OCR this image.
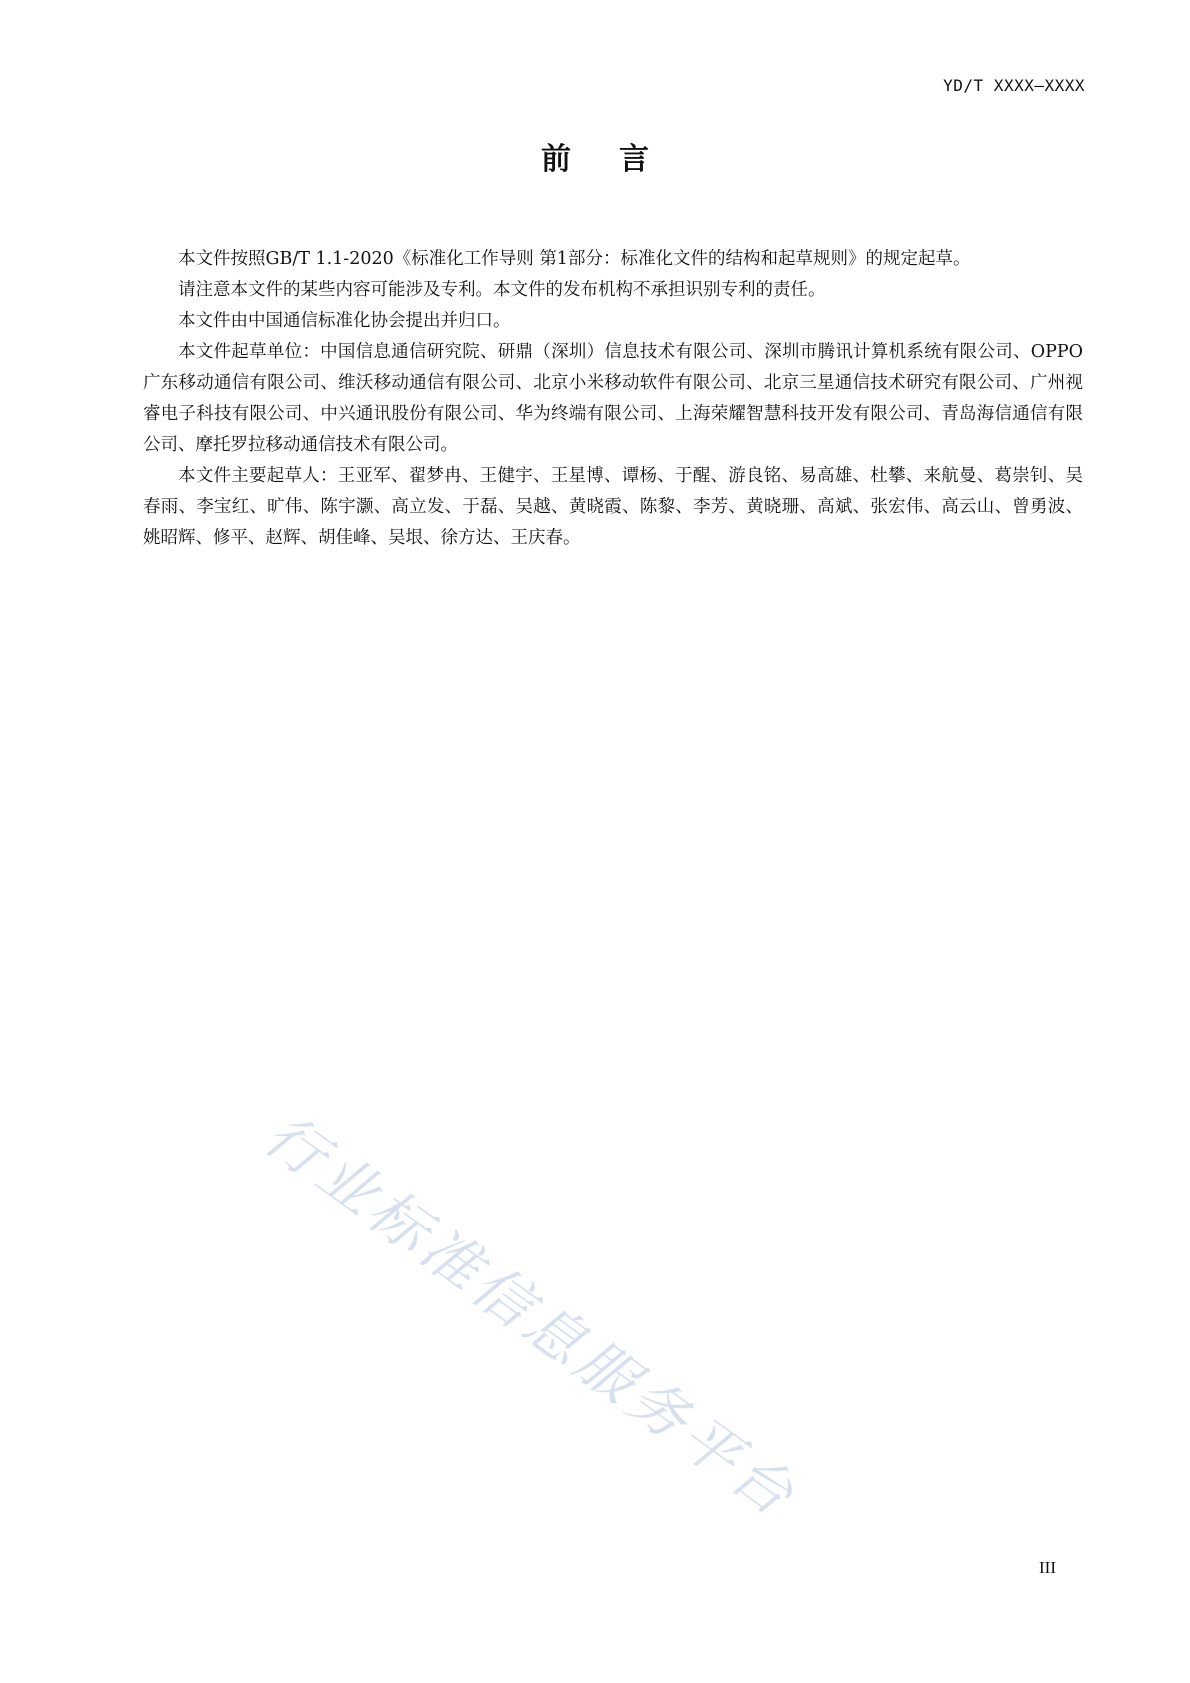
YD/T XXXX—XXXX
前言

本文件按照GB/T 1.1-2020《标准化工作导则 第1部分：标准化文件的结构和起草规则》的规定起草。

请注意本文件的某些内容可能涉及专利。本文件的发布机构不承担识别专利的责任。

本文件由中国通信标准化协会提出并归口。

本文件起草单位：中国信息通信研究院、研鼎（深圳）信息技术有限公司、深圳市腾讯计算机系统有限公司、OPPO广东移动通信有限公司、维沃移动通信有限公司、北京小米移动软件有限公司、北京三星通信技术研究有限公司、广州视睿电子科技有限公司、中兴通讯股份有限公司、华为终端有限公司、上海荣耀智慧科技开发有限公司、青岛海信通信有限公司、摩托罗拉移动通信技术有限公司。

本文件主要起草人：王亚军、翟梦冉、王健宇、王星博、谭杨、于醒、游良铭、易高雄、杜攀、来航曼、葛崇钊、吴春雨、李宝红、旷伟、陈宇灏、高立发、于磊、吴越、黄晓霞、陈黎、李芳、黄晓珊、高斌、张宏伟、高云山、曾勇波、姚昭辉、修平、赵辉、胡佳峰、吴垠、徐方达、王庆春。

行业标准信息服务平台
III
